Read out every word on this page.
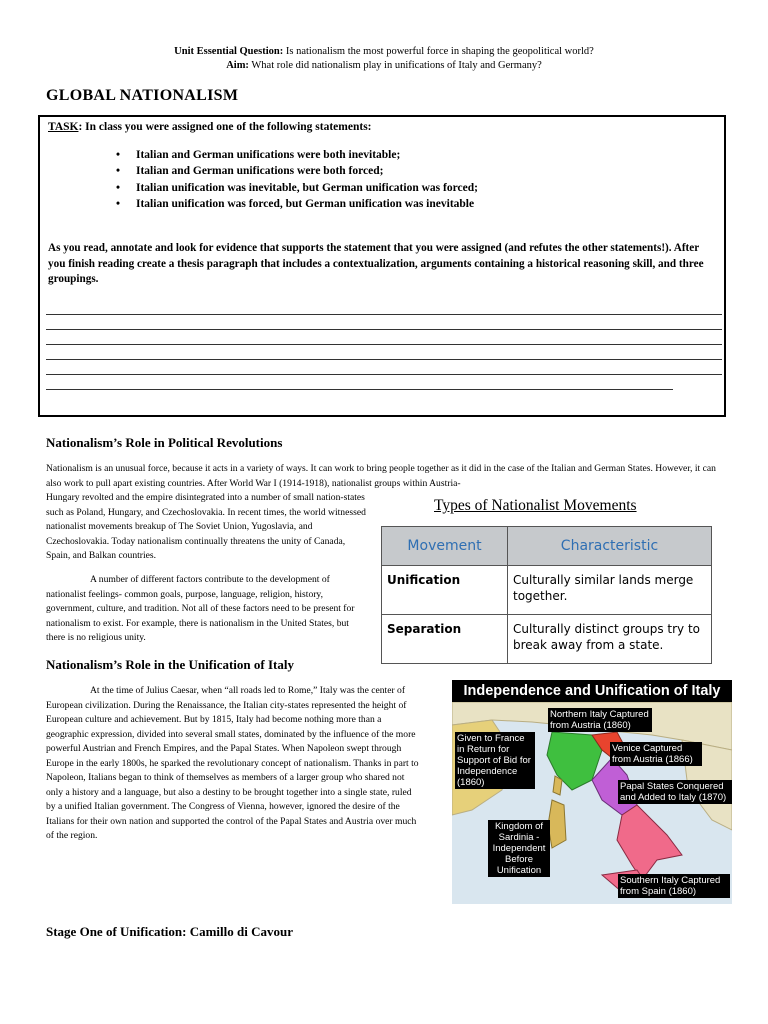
Unit Essential Question: Is nationalism the most powerful force in shaping the geopolitical world?
Aim: What role did nationalism play in unifications of Italy and Germany?
GLOBAL NATIONALISM
TASK: In class you were assigned one of the following statements:
• Italian and German unifications were both inevitable;
• Italian and German unifications were both forced;
• Italian unification was inevitable, but German unification was forced;
• Italian unification was forced, but German unification was inevitable
As you read, annotate and look for evidence that supports the statement that you were assigned (and refutes the other statements!). After you finish reading create a thesis paragraph that includes a contextualization, arguments containing a historical reasoning skill, and three groupings.
Nationalism’s Role in Political Revolutions
Nationalism is an unusual force, because it acts in a variety of ways. It can work to bring people together as it did in the case of the Italian and German States. However, it can also work to pull apart existing countries. After World War I (1914-1918), nationalist groups within Austria-
Hungary revolted and the empire disintegrated into a number of small nation-states such as Poland, Hungary, and Czechoslovakia. In recent times, the world witnessed nationalist movements breakup of The Soviet Union, Yugoslavia, and Czechoslovakia. Today nationalism continually threatens the unity of Canada, Spain, and Balkan countries.
A number of different factors contribute to the development of nationalist feelings- common goals, purpose, language, religion, history, government, culture, and tradition. Not all of these factors need to be present for nationalism to exist. For example, there is nationalism in the United States, but there is no religious unity.
Types of Nationalist Movements
Movement	Characteristic
Unification	Culturally similar lands merge together.
Separation	Culturally distinct groups try to break away from a state.
Nationalism’s Role in the Unification of Italy
At the time of Julius Caesar, when “all roads led to Rome,” Italy was the center of European civilization. During the Renaissance, the Italian city-states represented the height of European culture and achievement. But by 1815, Italy had become nothing more than a geographic expression, divided into several small states, dominated by the influence of the more powerful Austrian and French Empires, and the Papal States. When Napoleon swept through Europe in the early 1800s, he sparked the revolutionary concept of nationalism. Thanks in part to Napoleon, Italians began to think of themselves as members of a larger group who shared not only a history and a language, but also a destiny to be brought together into a single state, ruled by a unified Italian government. The Congress of Vienna, however, ignored the desire of the Italians for their own nation and supported the control of the Papal States and Austria over much of the region.
Independence and Unification of Italy
Northern Italy Captured from Austria (1860)
Given to France in Return for Support of Bid for Independence (1860)
Venice Captured from Austria (1866)
Papal States Conquered and Added to Italy (1870)
Kingdom of Sardinia - Independent Before Unification
Southern Italy Captured from Spain (1860)
Stage One of Unification: Camillo di Cavour
